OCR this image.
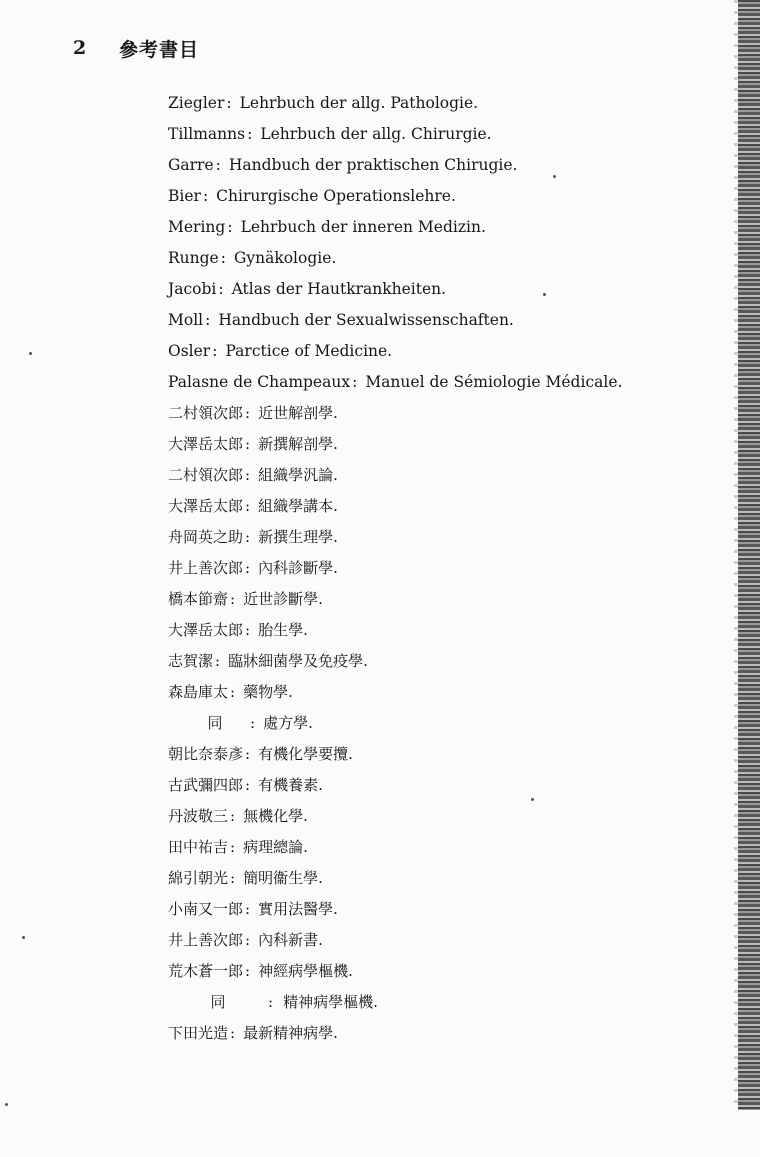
2	參考書目
Ziegler : Lehrbuch der allg. Pathologie.
Tillmanns : Lehrbuch der allg. Chirurgie.
Garre : Handbuch der praktischen Chirugie.
Bier : Chirurgische Operationslehre.
Mering : Lehrbuch der inneren Medizin.
Runge : Gynäkologie.
Jacobi : Atlas der Hautkrankheiten.
Moll : Handbuch der Sexualwissenschaften.
Osler : Parctice of Medicine.
Palasne de Champeaux : Manuel de Sémiologie Médicale.
二村領次郎 : 近世解剖學.
大澤岳太郎 : 新撰解剖學.
二村領次郎 : 組織學汎論.
大澤岳太郎 : 組織學講本.
舟岡英之助 : 新撰生理學.
井上善次郎 : 內科診斷學.
橋本節齋 : 近世診斷學.
大澤岳太郎 : 胎生學.
志賀潔 : 臨牀細菌學及免疫學.
森島庫太 : 藥物學.
同 : 處方學.
朝比奈泰彥 : 有機化學要攬.
古武彌四郎 : 有機養素.
丹波敬三 : 無機化學.
田中祐吉 : 病理總論.
綿引朝光 : 簡明衞生學.
小南又一郎 : 實用法醫學.
井上善次郎 : 內科新書.
荒木蒼一郎 : 神經病學樞機.
同	: 精神病學樞機.
下田光造 : 最新精神病學.
